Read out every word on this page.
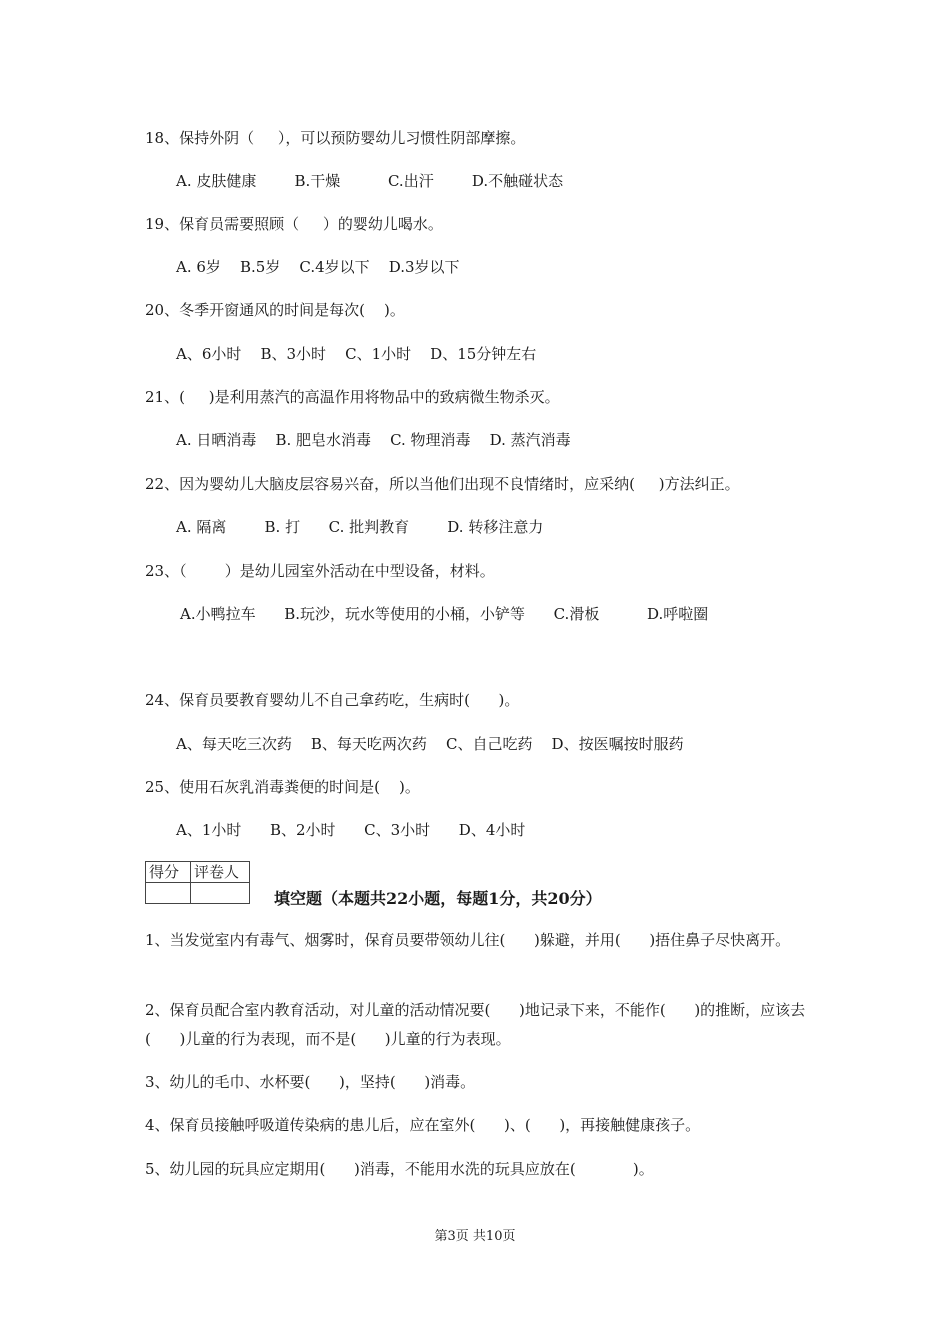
18、保持外阴（     ），可以预防婴幼儿习惯性阴部摩擦。
A. 皮肤健康        B.干燥          C.出汗        D.不触碰状态
19、保育员需要照顾（     ）的婴幼儿喝水。
A. 6岁    B.5岁    C.4岁以下    D.3岁以下
20、冬季开窗通风的时间是每次(    )。
A、6小时    B、3小时    C、1小时    D、15分钟左右
21、(     )是利用蒸汽的高温作用将物品中的致病微生物杀灭。
A. 日晒消毒    B. 肥皂水消毒    C. 物理消毒    D. 蒸汽消毒
22、因为婴幼儿大脑皮层容易兴奋，所以当他们出现不良情绪时，应采纳(     )方法纠正。
A. 隔离        B. 打      C. 批判教育        D. 转移注意力
23、（        ）是幼儿园室外活动在中型设备，材料。
A.小鸭拉车      B.玩沙，玩水等使用的小桶，小铲等      C.滑板          D.呼啦圈
24、保育员要教育婴幼儿不自己拿药吃，生病时(      )。
A、每天吃三次药    B、每天吃两次药    C、自己吃药    D、按医嘱按时服药
25、使用石灰乳消毒粪便的时间是(    )。
A、1小时      B、2小时      C、3小时      D、4小时
得分	评卷人

填空题（本题共22小题，每题1分，共20分）
1、当发觉室内有毒气、烟雾时，保育员要带领幼儿往(      )躲避，并用(      )捂住鼻子尽快离开。
2、保育员配合室内教育活动，对儿童的活动情况要(      )地记录下来，不能作(      )的推断，应该去(      )儿童的行为表现，而不是(      )儿童的行为表现。
3、幼儿的毛巾、水杯要(      )，坚持(      )消毒。
4、保育员接触呼吸道传染病的患儿后，应在室外(      )、(      )，再接触健康孩子。
5、幼儿园的玩具应定期用(      )消毒，不能用水洗的玩具应放在(            )。
第3页 共10页
